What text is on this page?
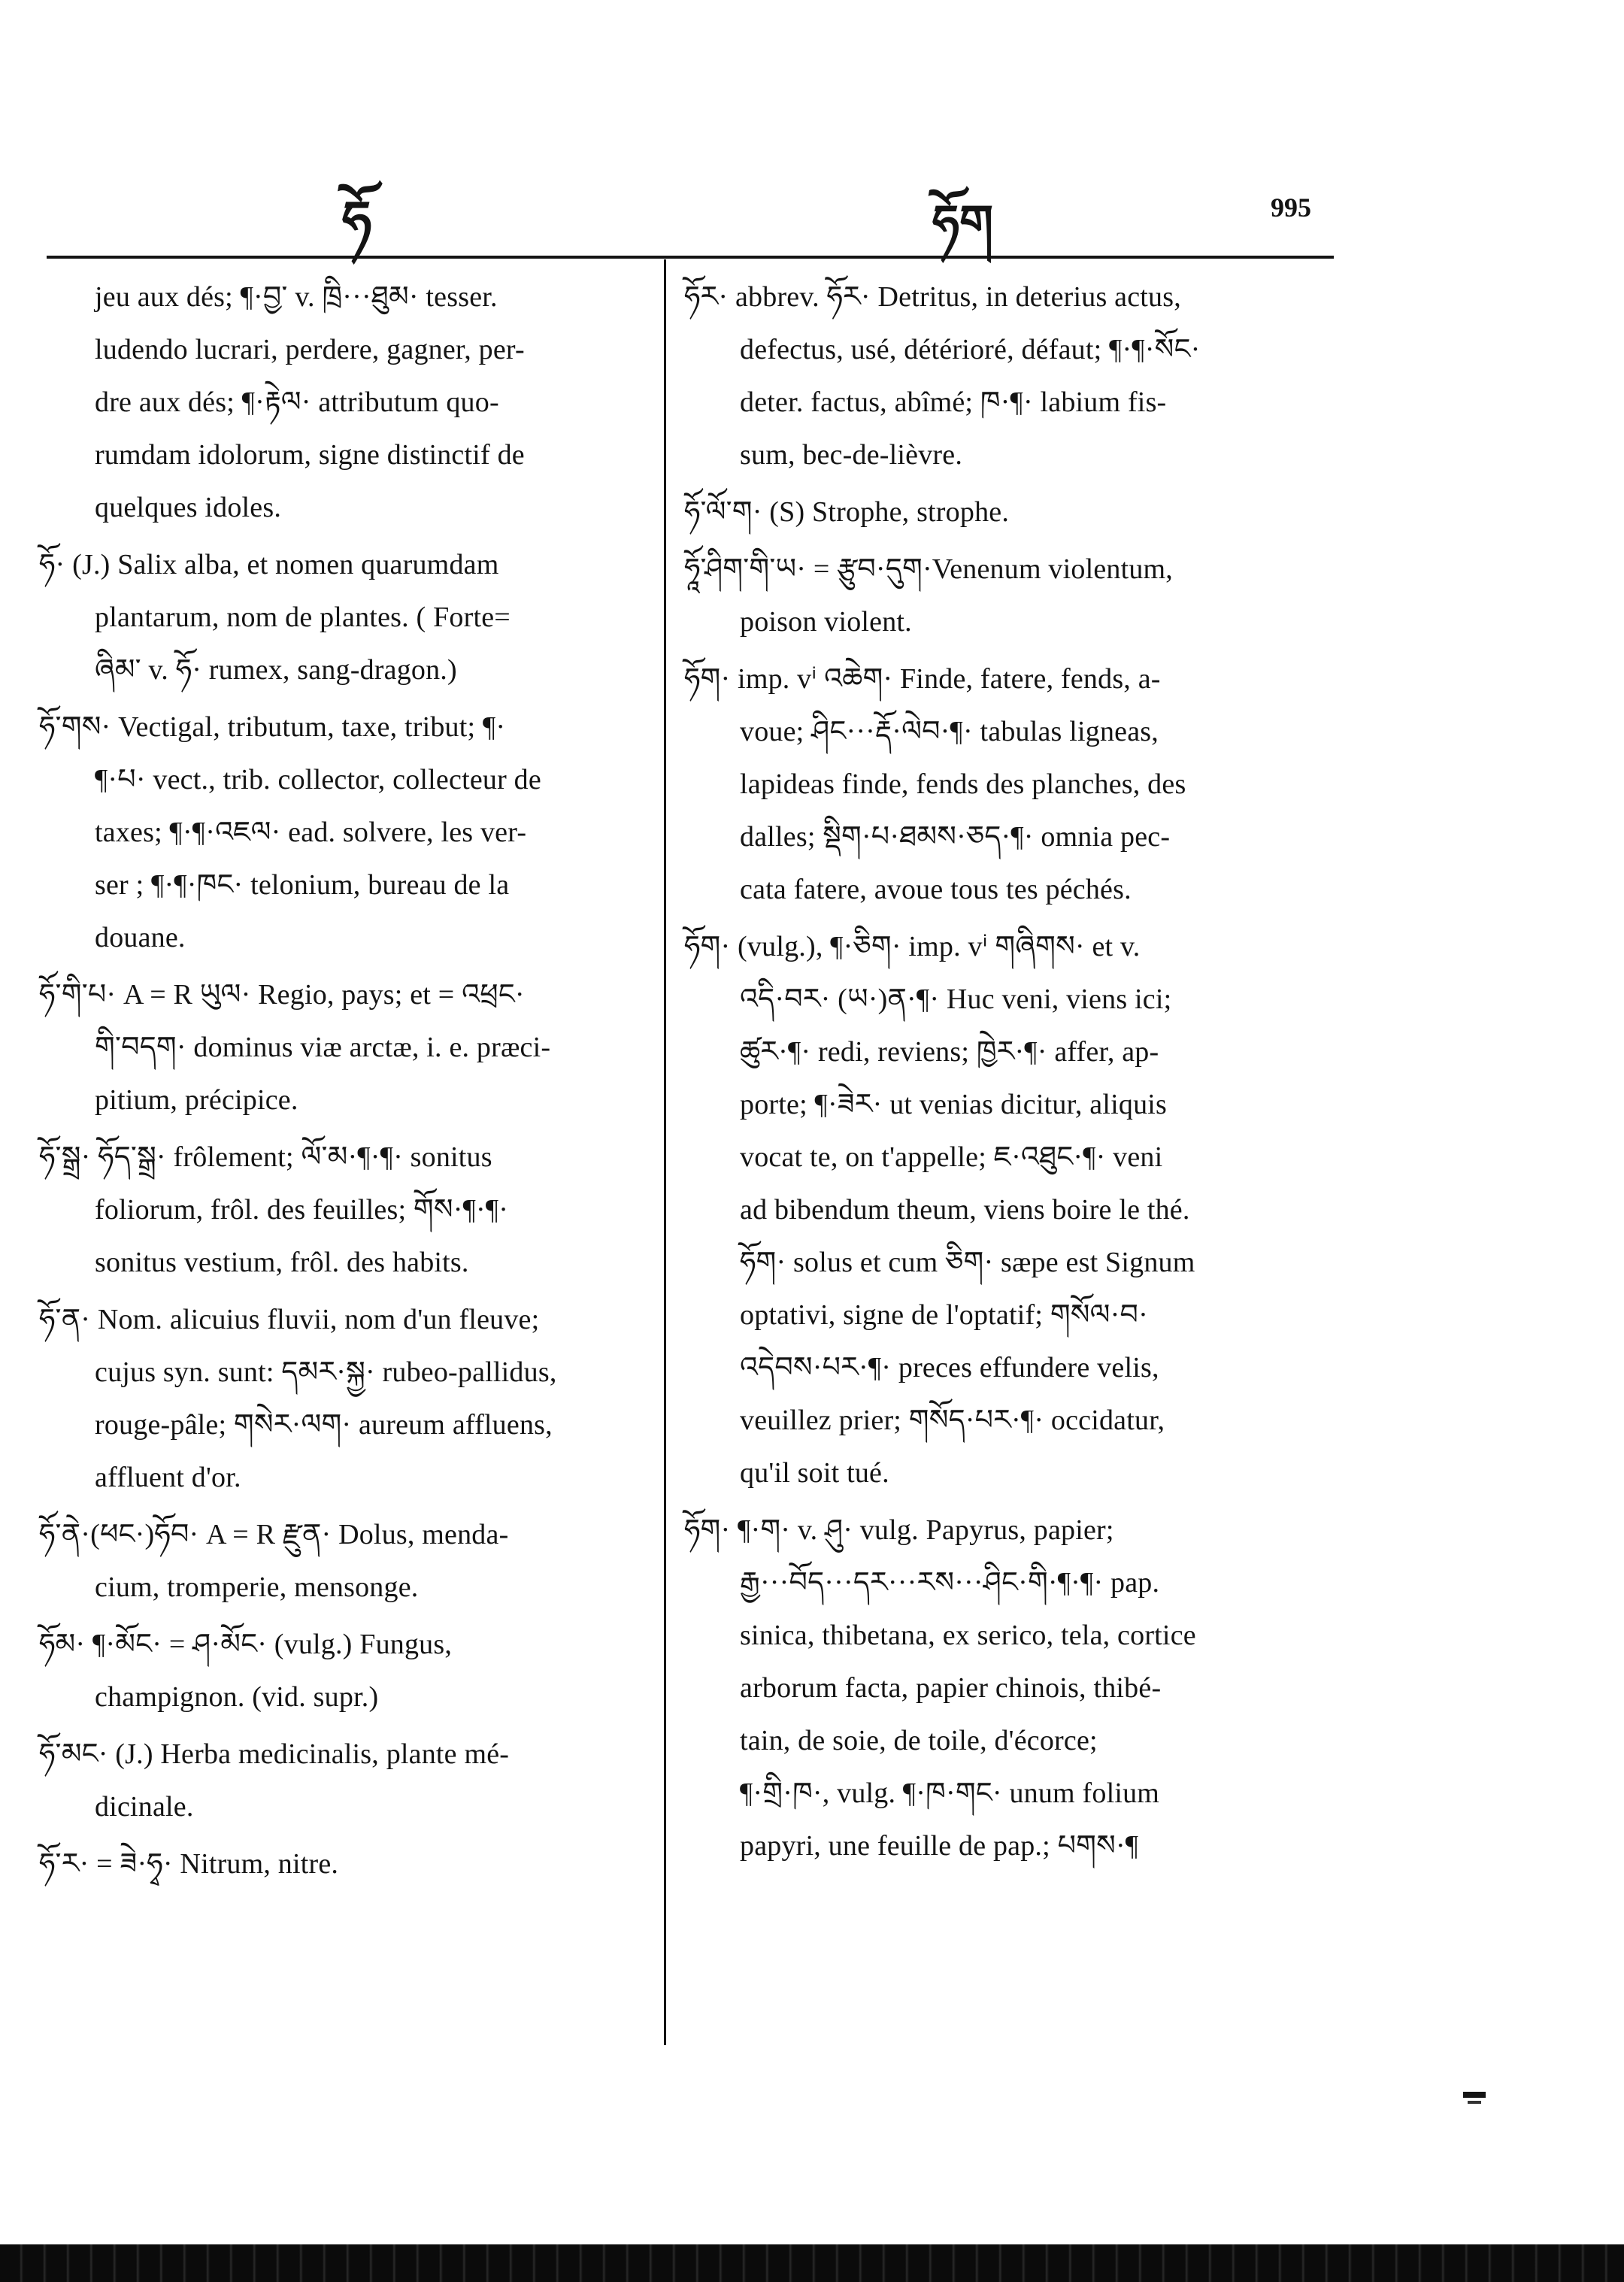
ཧོ	ཧོག	995
jeu aux dés; ¶·བྱ་ v. ཁྲི···ཐུམ· tesser.
ludendo lucrari, perdere, gagner, per-
dre aux dés; ¶·རྟེལ· attributum quo-
rumdam idolorum, signe distinctif de
quelques idoles.
ཧོ· (J.) Salix alba, et nomen quarumdam
plantarum, nom de plantes. ( Forte=
ཞིམ་ v. ཧོ· rumex, sang-dragon.)
ཧོ་གས· Vectigal, tributum, taxe, tribut; ¶·
¶·པ· vect., trib. collector, collecteur de
taxes; ¶·¶·འཇལ· ead. solvere, les ver-
ser ; ¶·¶·ཁང· telonium, bureau de la
douane.
ཧོ་གི་པ· A = R ཡུལ· Regio, pays; et = འཕྲང·
གི་བདག· dominus viæ arctæ, i. e. præci-
pitium, précipice.
ཧོ་སྒྲ· ཧོད་སྒྲ· frôlement; ལོ་མ·¶·¶· sonitus
foliorum, frôl. des feuilles; གོས·¶·¶·
sonitus vestium, frôl. des habits.
ཧོ་ན· Nom. alicuius fluvii, nom d'un fleuve;
cujus syn. sunt: དམར·སྐྱ· rubeo-pallidus,
rouge-pâle; གསེར·ལག· aureum affluens,
affluent d'or.
ཧོ་ནེ·(ཕང·)ཧོབ· A = R རྫུན· Dolus, menda-
cium, tromperie, mensonge.
ཧོམ· ¶·མོང· = ཤ·མོང· (vulg.) Fungus,
champignon. (vid. supr.)
ཧོ་མང· (J.) Herba medicinalis, plante mé-
dicinale.
ཧོ་ར· = ཟེ·ཧྭ· Nitrum, nitre.
ཧོར· abbrev. ཧོར· Detritus, in deterius actus,
defectus, usé, détérioré, défaut; ¶·¶·སོང·
deter. factus, abîmé; ཁ·¶· labium fis-
sum, bec-de-lièvre.
ཧོ་ལོ་ག· (S) Strophe, strophe.
ཧཱོ་ཤིག་གི་ཡ· = རྩུབ·དུག·Venenum violentum,
poison violent.
ཧོག· imp. vⁱ འཆེག· Finde, fatere, fends, a-
voue; ཤིང···རྡོ·ལེབ·¶· tabulas ligneas,
lapideas finde, fends des planches, des
dalles; སྡིག·པ·ཐམས·ཅད·¶· omnia pec-
cata fatere, avoue tous tes péchés.
ཧོག· (vulg.), ¶·ཅིག· imp. vⁱ གཞིགས· et v.
འདི·བར· (ཡ·)ན·¶· Huc veni, viens ici;
ཚུར·¶· redi, reviens; ཁྱེར·¶· affer, ap-
porte; ¶·ཟེར· ut venias dicitur, aliquis
vocat te, on t'appelle; ཇ·འཐུང·¶· veni
ad bibendum theum, viens boire le thé.
ཧོག· solus et cum ཅིག· sæpe est Signum
optativi, signe de l'optatif; གསོལ·བ·
འདེབས·པར·¶· preces effundere velis,
veuillez prier; གསོད·པར·¶· occidatur,
qu'il soit tué.
ཧོག· ¶·ག· v. ཤུ· vulg. Papyrus, papier;
རྒྱ···བོད···དར···རས···ཤིང·གི·¶·¶· pap.
sinica, thibetana, ex serico, tela, cortice
arborum facta, papier chinois, thibé-
tain, de soie, de toile, d'écorce;
¶·གྲི·ཁ·, vulg. ¶·ཁ·གང· unum folium
papyri, une feuille de pap.; པགས·¶
